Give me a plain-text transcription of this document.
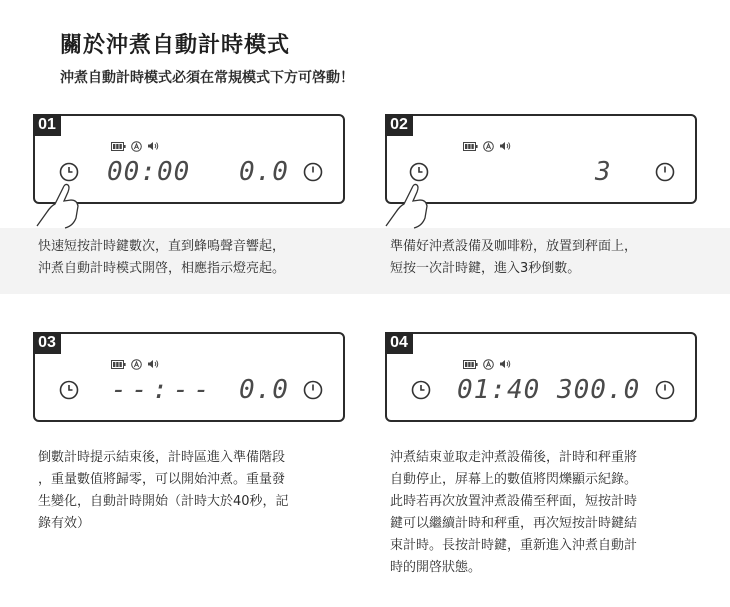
關於沖煮自動計時模式
沖煮自動計時模式必須在常規模式下方可啓動！
01
00:00 0.0
快速短按計時鍵數次，直到蜂鳴聲音響起，
沖煮自動計時模式開啓，相應指示燈亮起。
02
3
準備好沖煮設備及咖啡粉，放置到秤面上，
短按一次計時鍵，進入3秒倒數。
03
--:-- 0.0
倒數計時提示結束後，計時區進入準備階段
，重量數值將歸零，可以開始沖煮。重量發
生變化，自動計時開始（計時大於40秒，記
錄有效）
04
01:40 300.0
沖煮結束並取走沖煮設備後，計時和秤重將
自動停止，屏幕上的數值將閃爍顯示紀錄。
此時若再次放置沖煮設備至秤面，短按計時
鍵可以繼續計時和秤重，再次短按計時鍵結
束計時。長按計時鍵，重新進入沖煮自動計
時的開啓狀態。
